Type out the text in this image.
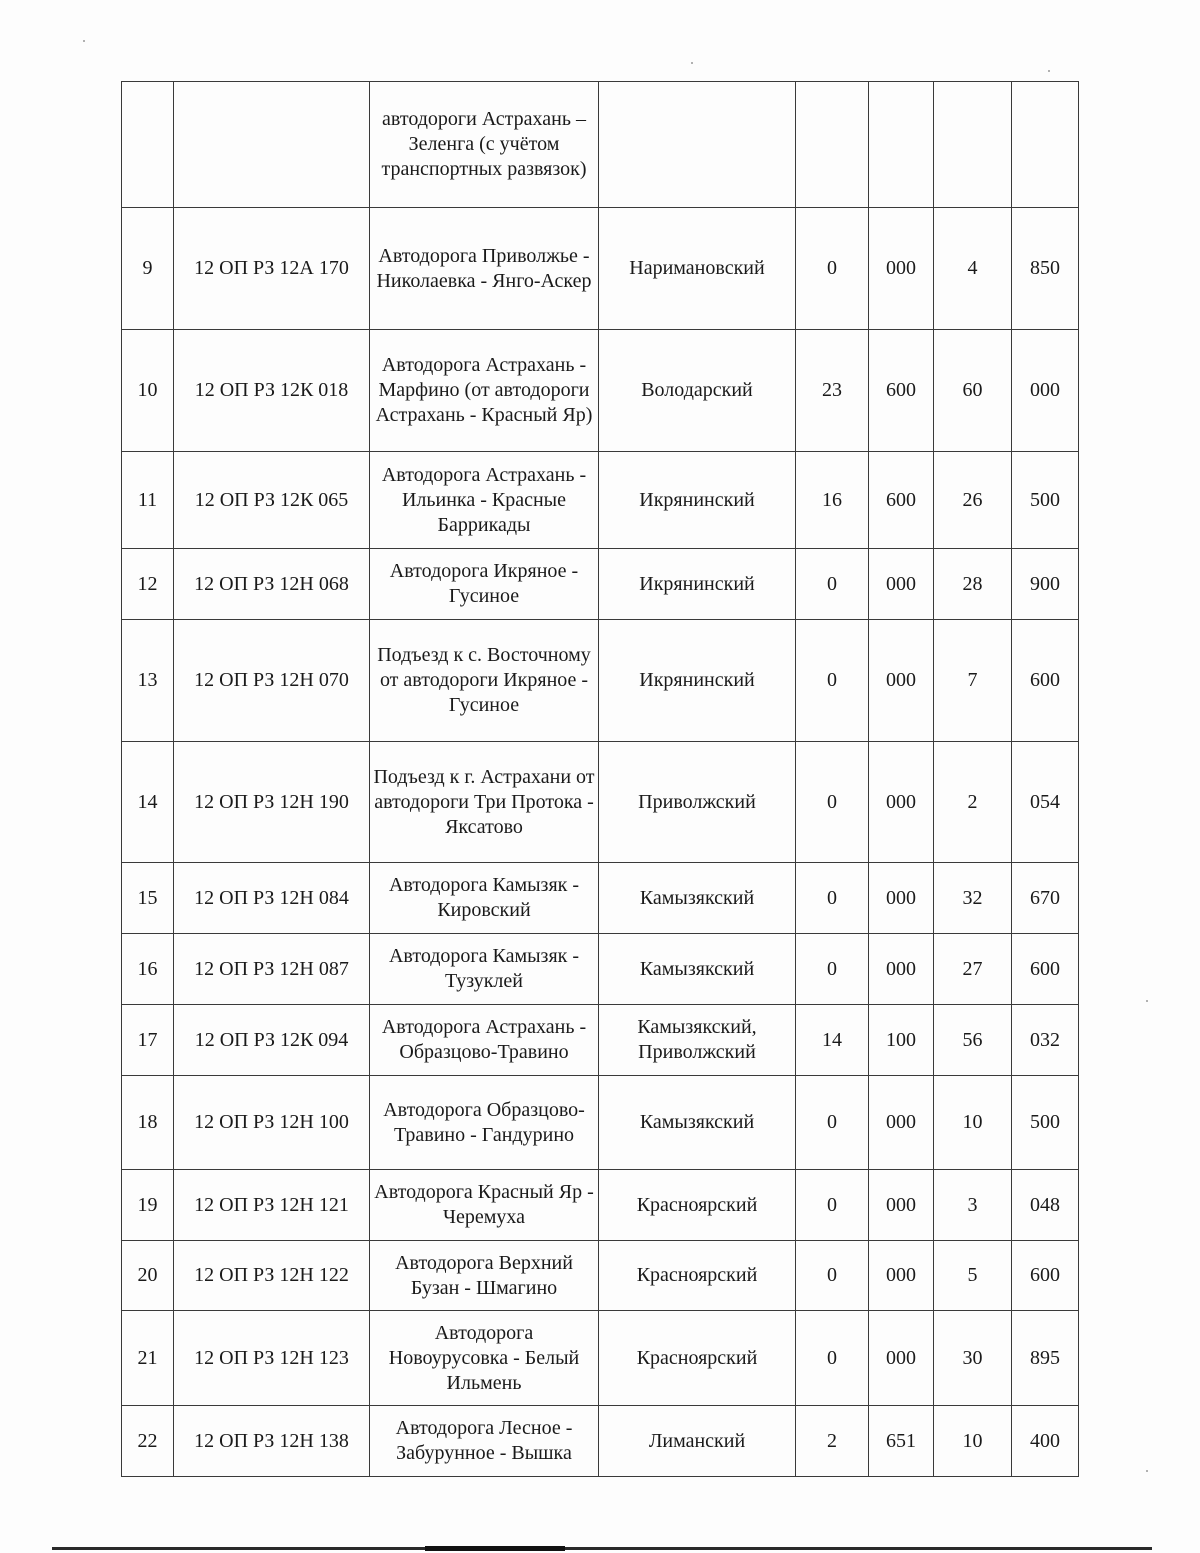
		автодороги Астрахань – Зеленга (с учётом транспортных развязок)					
9	12 ОП РЗ 12А 170	Автодорога Приволжье - Николаевка - Янго-Аскер	Наримановский	0	000	4	850
10	12 ОП РЗ 12К 018	Автодорога Астрахань - Марфино (от автодороги Астрахань - Красный Яр)	Володарский	23	600	60	000
11	12 ОП РЗ 12К 065	Автодорога Астрахань - Ильинка - Красные Баррикады	Икрянинский	16	600	26	500
12	12 ОП РЗ 12Н 068	Автодорога Икряное - Гусиное	Икрянинский	0	000	28	900
13	12 ОП РЗ 12Н 070	Подъезд к с. Восточному от автодороги Икряное - Гусиное	Икрянинский	0	000	7	600
14	12 ОП РЗ 12Н 190	Подъезд к г. Астрахани от автодороги Три Протока - Яксатово	Приволжский	0	000	2	054
15	12 ОП РЗ 12Н 084	Автодорога Камызяк - Кировский	Камызякский	0	000	32	670
16	12 ОП РЗ 12Н 087	Автодорога Камызяк - Тузуклей	Камызякский	0	000	27	600
17	12 ОП РЗ 12К 094	Автодорога Астрахань - Образцово-Травино	Камызякский, Приволжский	14	100	56	032
18	12 ОП РЗ 12Н 100	Автодорога Образцово-Травино - Гандурино	Камызякский	0	000	10	500
19	12 ОП РЗ 12Н 121	Автодорога Красный Яр - Черемуха	Красноярский	0	000	3	048
20	12 ОП РЗ 12Н 122	Автодорога Верхний Бузан - Шмагино	Красноярский	0	000	5	600
21	12 ОП РЗ 12Н 123	Автодорога Новоурусовка - Белый Ильмень	Красноярский	0	000	30	895
22	12 ОП РЗ 12Н 138	Автодорога Лесное - Забурунное - Вышка	Лиманский	2	651	10	400
